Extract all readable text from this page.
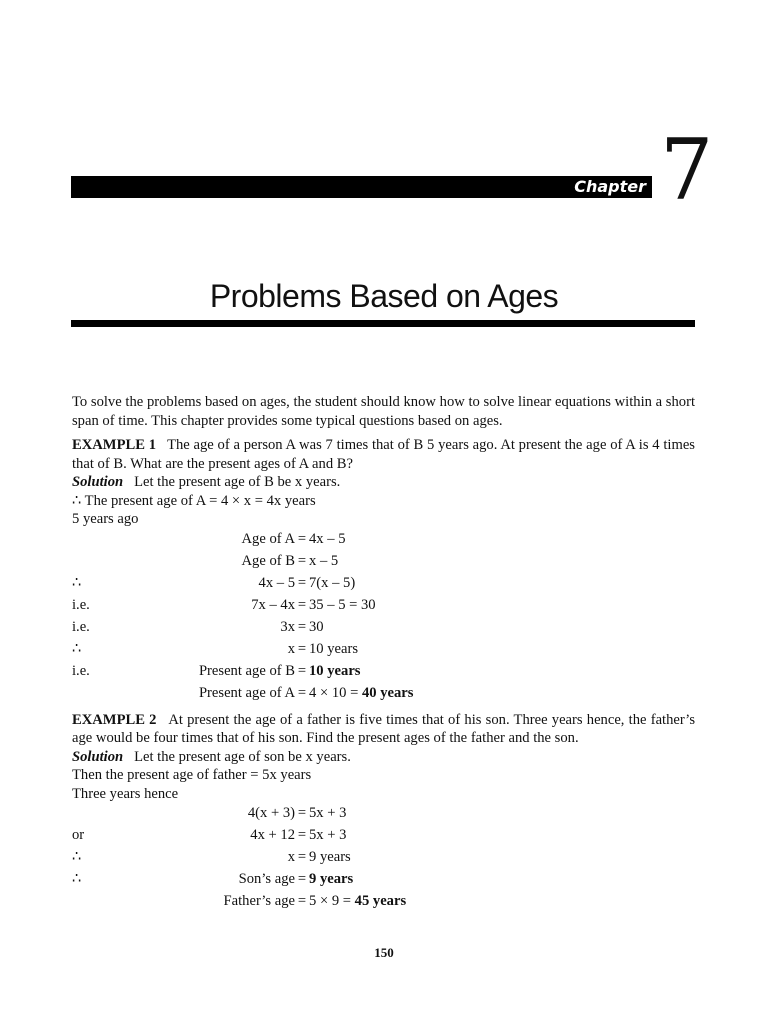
7
Chapter
Problems Based on Ages

To solve the problems based on ages, the student should know how to solve linear equations within a short span of time. This chapter provides some typical questions based on ages.

EXAMPLE 1 The age of a person A was 7 times that of B 5 years ago. At present the age of A is 4 times that of B. What are the present ages of A and B?

Solution Let the present age of B be x years.

∴ The present age of A = 4 × x = 4x years

5 years ago

Age of A = 4x – 5
Age of B = x – 5
∴	4x – 5 = 7(x – 5)
i.e.	7x – 4x = 35 – 5 = 30
i.e.	3x = 30
∴	x = 10 years
i.e.	Present age of B = 10 years
Present age of A = 4 × 10 = 40 years

EXAMPLE 2 At present the age of a father is five times that of his son. Three years hence, the father’s age would be four times that of his son. Find the present ages of the father and the son.

Solution Let the present age of son be x years.

Then the present age of father = 5x years

Three years hence

4(x + 3) = 5x + 3
or	4x + 12 = 5x + 3
∴	x = 9 years
∴	Son’s age = 9 years
Father’s age = 5 × 9 = 45 years
150
